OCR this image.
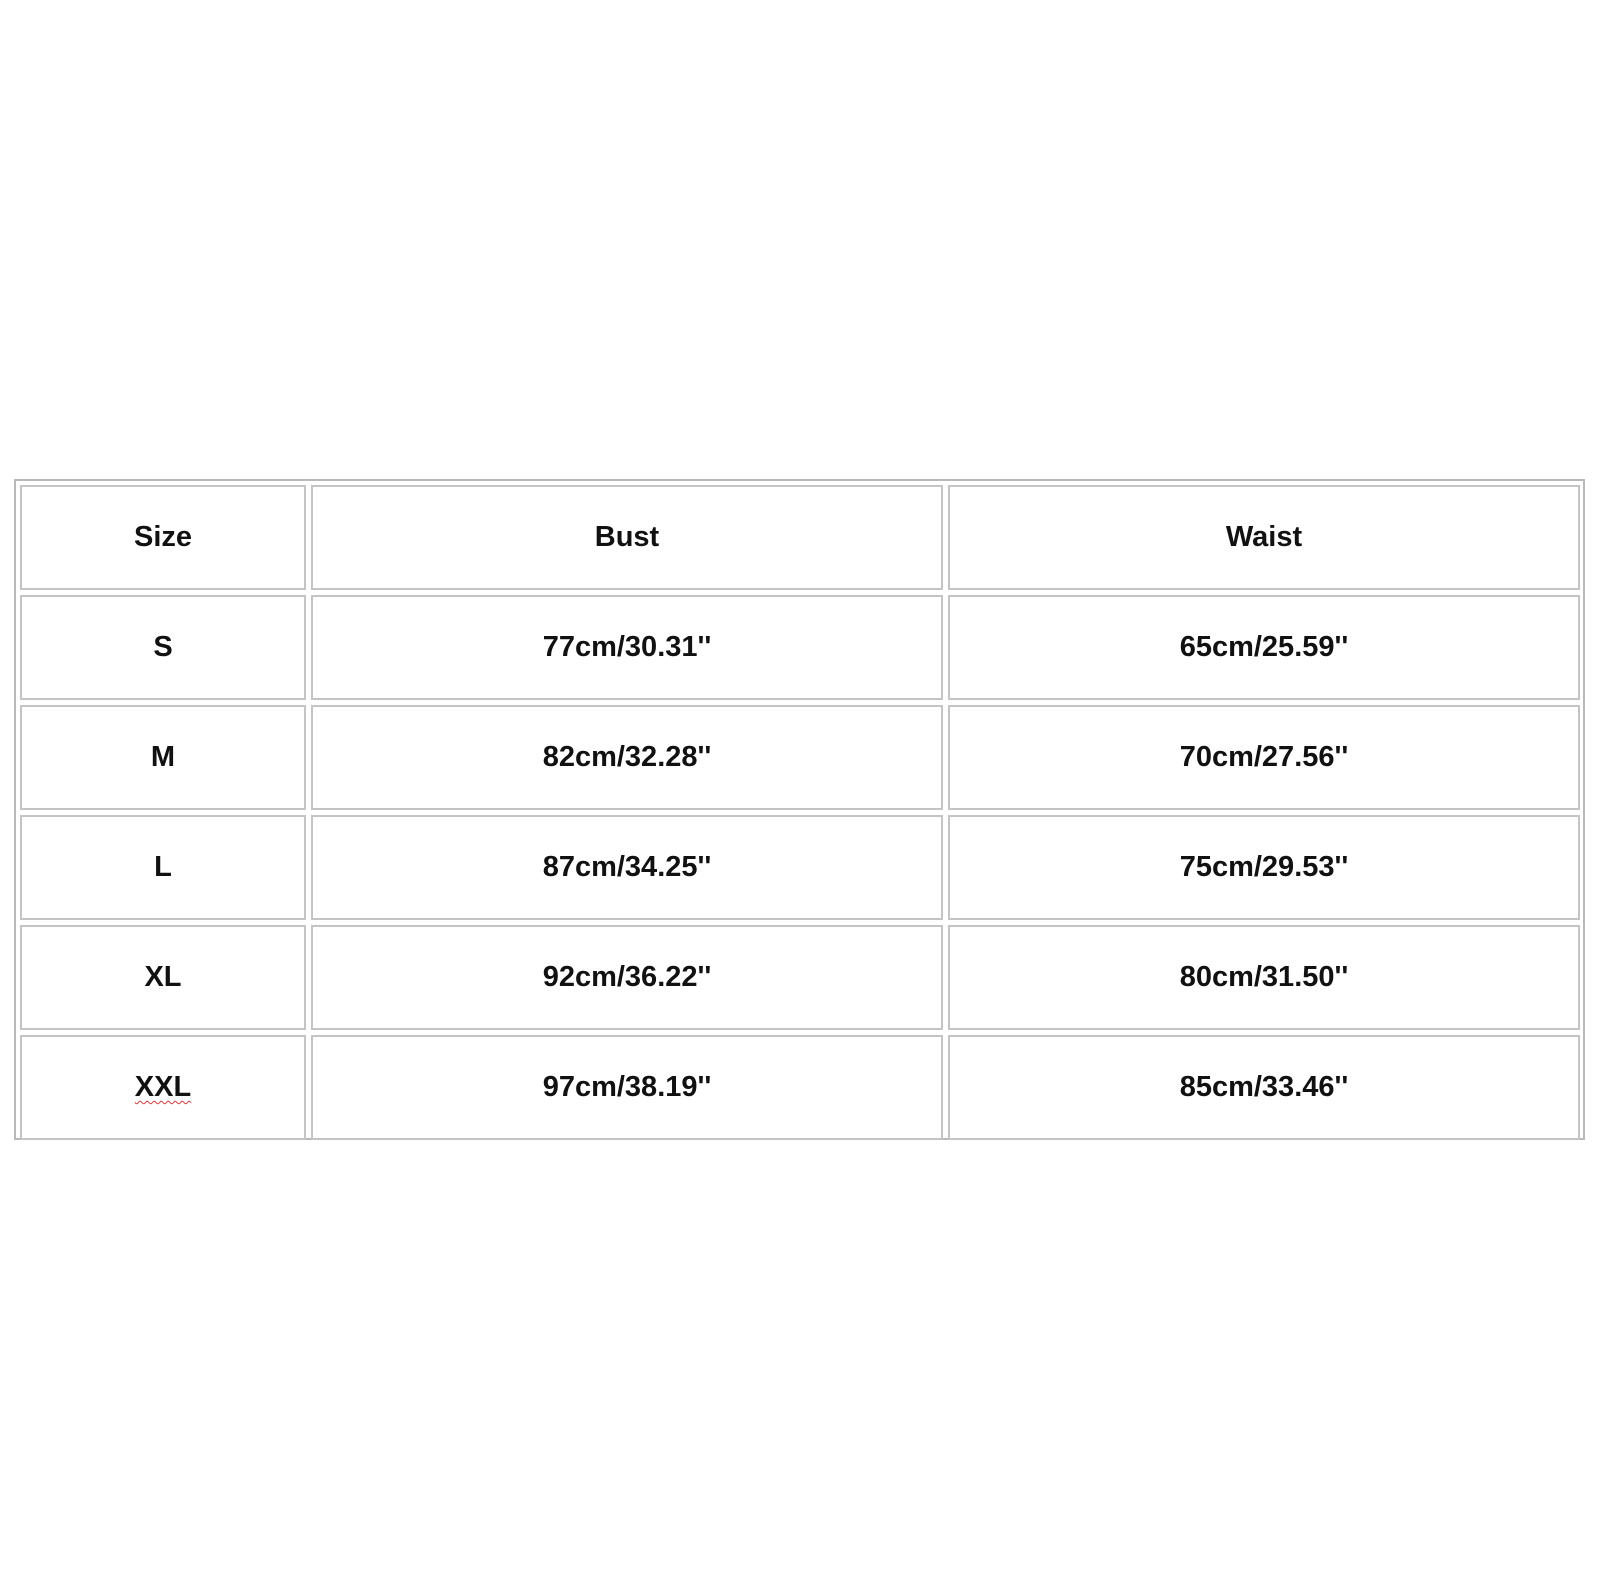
Size	Bust	Waist
S	77cm/30.31''	65cm/25.59''
M	82cm/32.28''	70cm/27.56''
L	87cm/34.25''	75cm/29.53''
XL	92cm/36.22''	80cm/31.50''
XXL	97cm/38.19''	85cm/33.46''
